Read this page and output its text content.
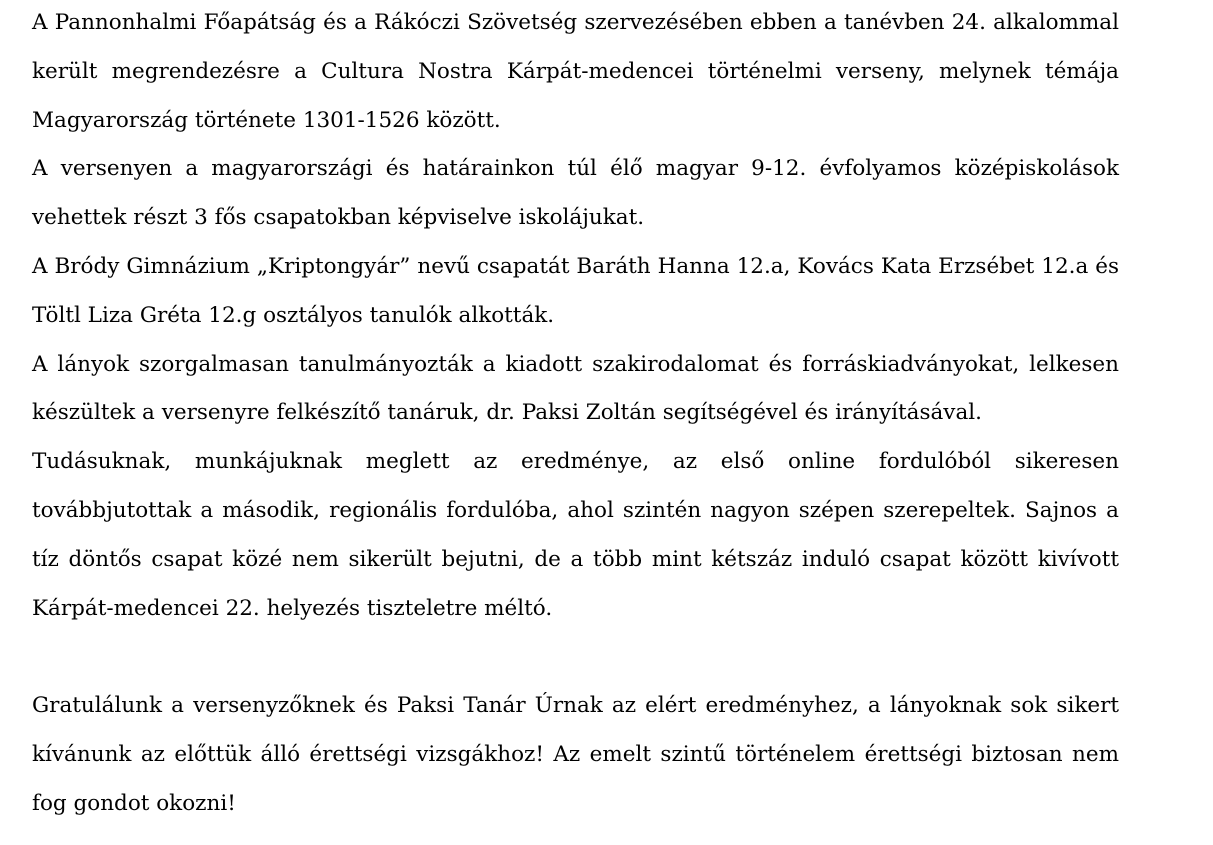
A Pannonhalmi Főapátság és a Rákóczi Szövetség szervezésében ebben a tanévben 24. alkalommal került megrendezésre a Cultura Nostra Kárpát-medencei történelmi verseny, melynek témája Magyarország története 1301-1526 között.

A versenyen a magyarországi és határainkon túl élő magyar 9-12. évfolyamos középiskolások vehettek részt 3 fős csapatokban képviselve iskolájukat.

A Bródy Gimnázium „Kriptongyár” nevű csapatát Baráth Hanna 12.a, Kovács Kata Erzsébet 12.a és Töltl Liza Gréta 12.g osztályos tanulók alkották.

A lányok szorgalmasan tanulmányozták a kiadott szakirodalomat és forráskiadványokat, lelkesen készültek a versenyre felkészítő tanáruk, dr. Paksi Zoltán segítségével és irányításával.

Tudásuknak, munkájuknak meglett az eredménye, az első online fordulóból sikeresen továbbjutottak a második, regionális fordulóba, ahol szintén nagyon szépen szerepeltek. Sajnos a tíz döntős csapat közé nem sikerült bejutni, de a több mint kétszáz induló csapat között kivívott Kárpát-medencei 22. helyezés tiszteletre méltó.

Gratulálunk a versenyzőknek és Paksi Tanár Úrnak az elért eredményhez, a lányoknak sok sikert kívánunk az előttük álló érettségi vizsgákhoz! Az emelt szintű történelem érettségi biztosan nem fog gondot okozni!
